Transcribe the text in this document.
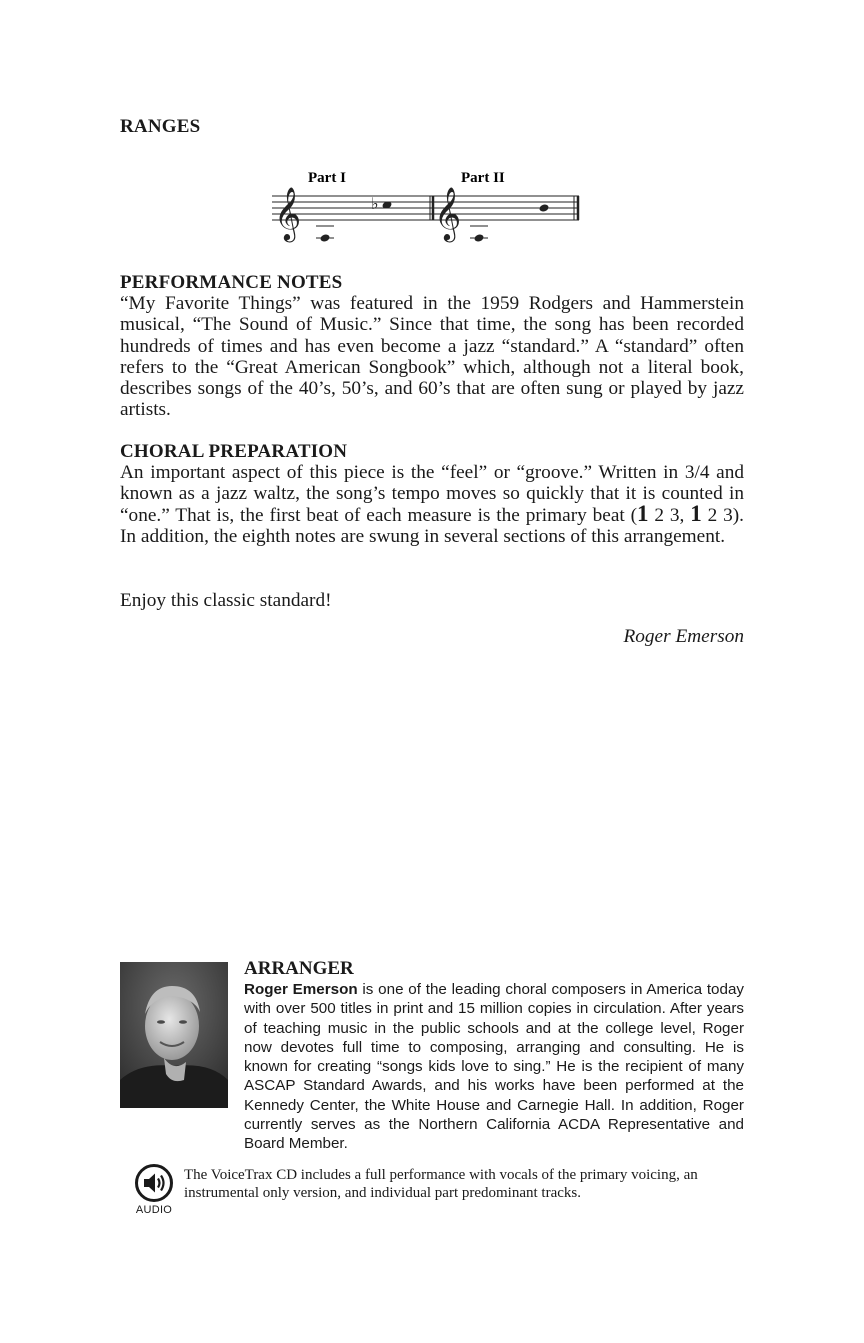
RANGES
Part I	Part II
𝄞	𝄞
♭
PERFORMANCE NOTES
“My Favorite Things” was featured in the 1959 Rodgers and Hammerstein musical, “The Sound of Music.” Since that time, the song has been recorded hundreds of times and has even become a jazz “standard.” A “standard” often refers to the “Great American Songbook” which, although not a literal book, describes songs of the 40’s, 50’s, and 60’s that are often sung or played by jazz artists.
CHORAL PREPARATION
An important aspect of this piece is the “feel” or “groove.” Written in 3/4 and known as a jazz waltz, the song’s tempo moves so quickly that it is counted in “one.” That is, the first beat of each measure is the primary beat (1 2 3, 1 2 3). In addition, the eighth notes are swung in several sections of this arrangement.
Enjoy this classic standard!
Roger Emerson
ARRANGER
Roger Emerson is one of the leading choral composers in America today with over 500 titles in print and 15 million copies in circulation. After years of teaching music in the public schools and at the college level, Roger now devotes full time to composing, arranging and consulting. He is known for creating “songs kids love to sing.” He is the recipient of many ASCAP Standard Awards, and his works have been performed at the Kennedy Center, the White House and Carnegie Hall. In addition, Roger currently serves as the Northern California ACDA Representative and Board Member.
AUDIO
The VoiceTrax CD includes a full performance with vocals of the primary voicing, an instrumental only version, and individual part predominant tracks.
